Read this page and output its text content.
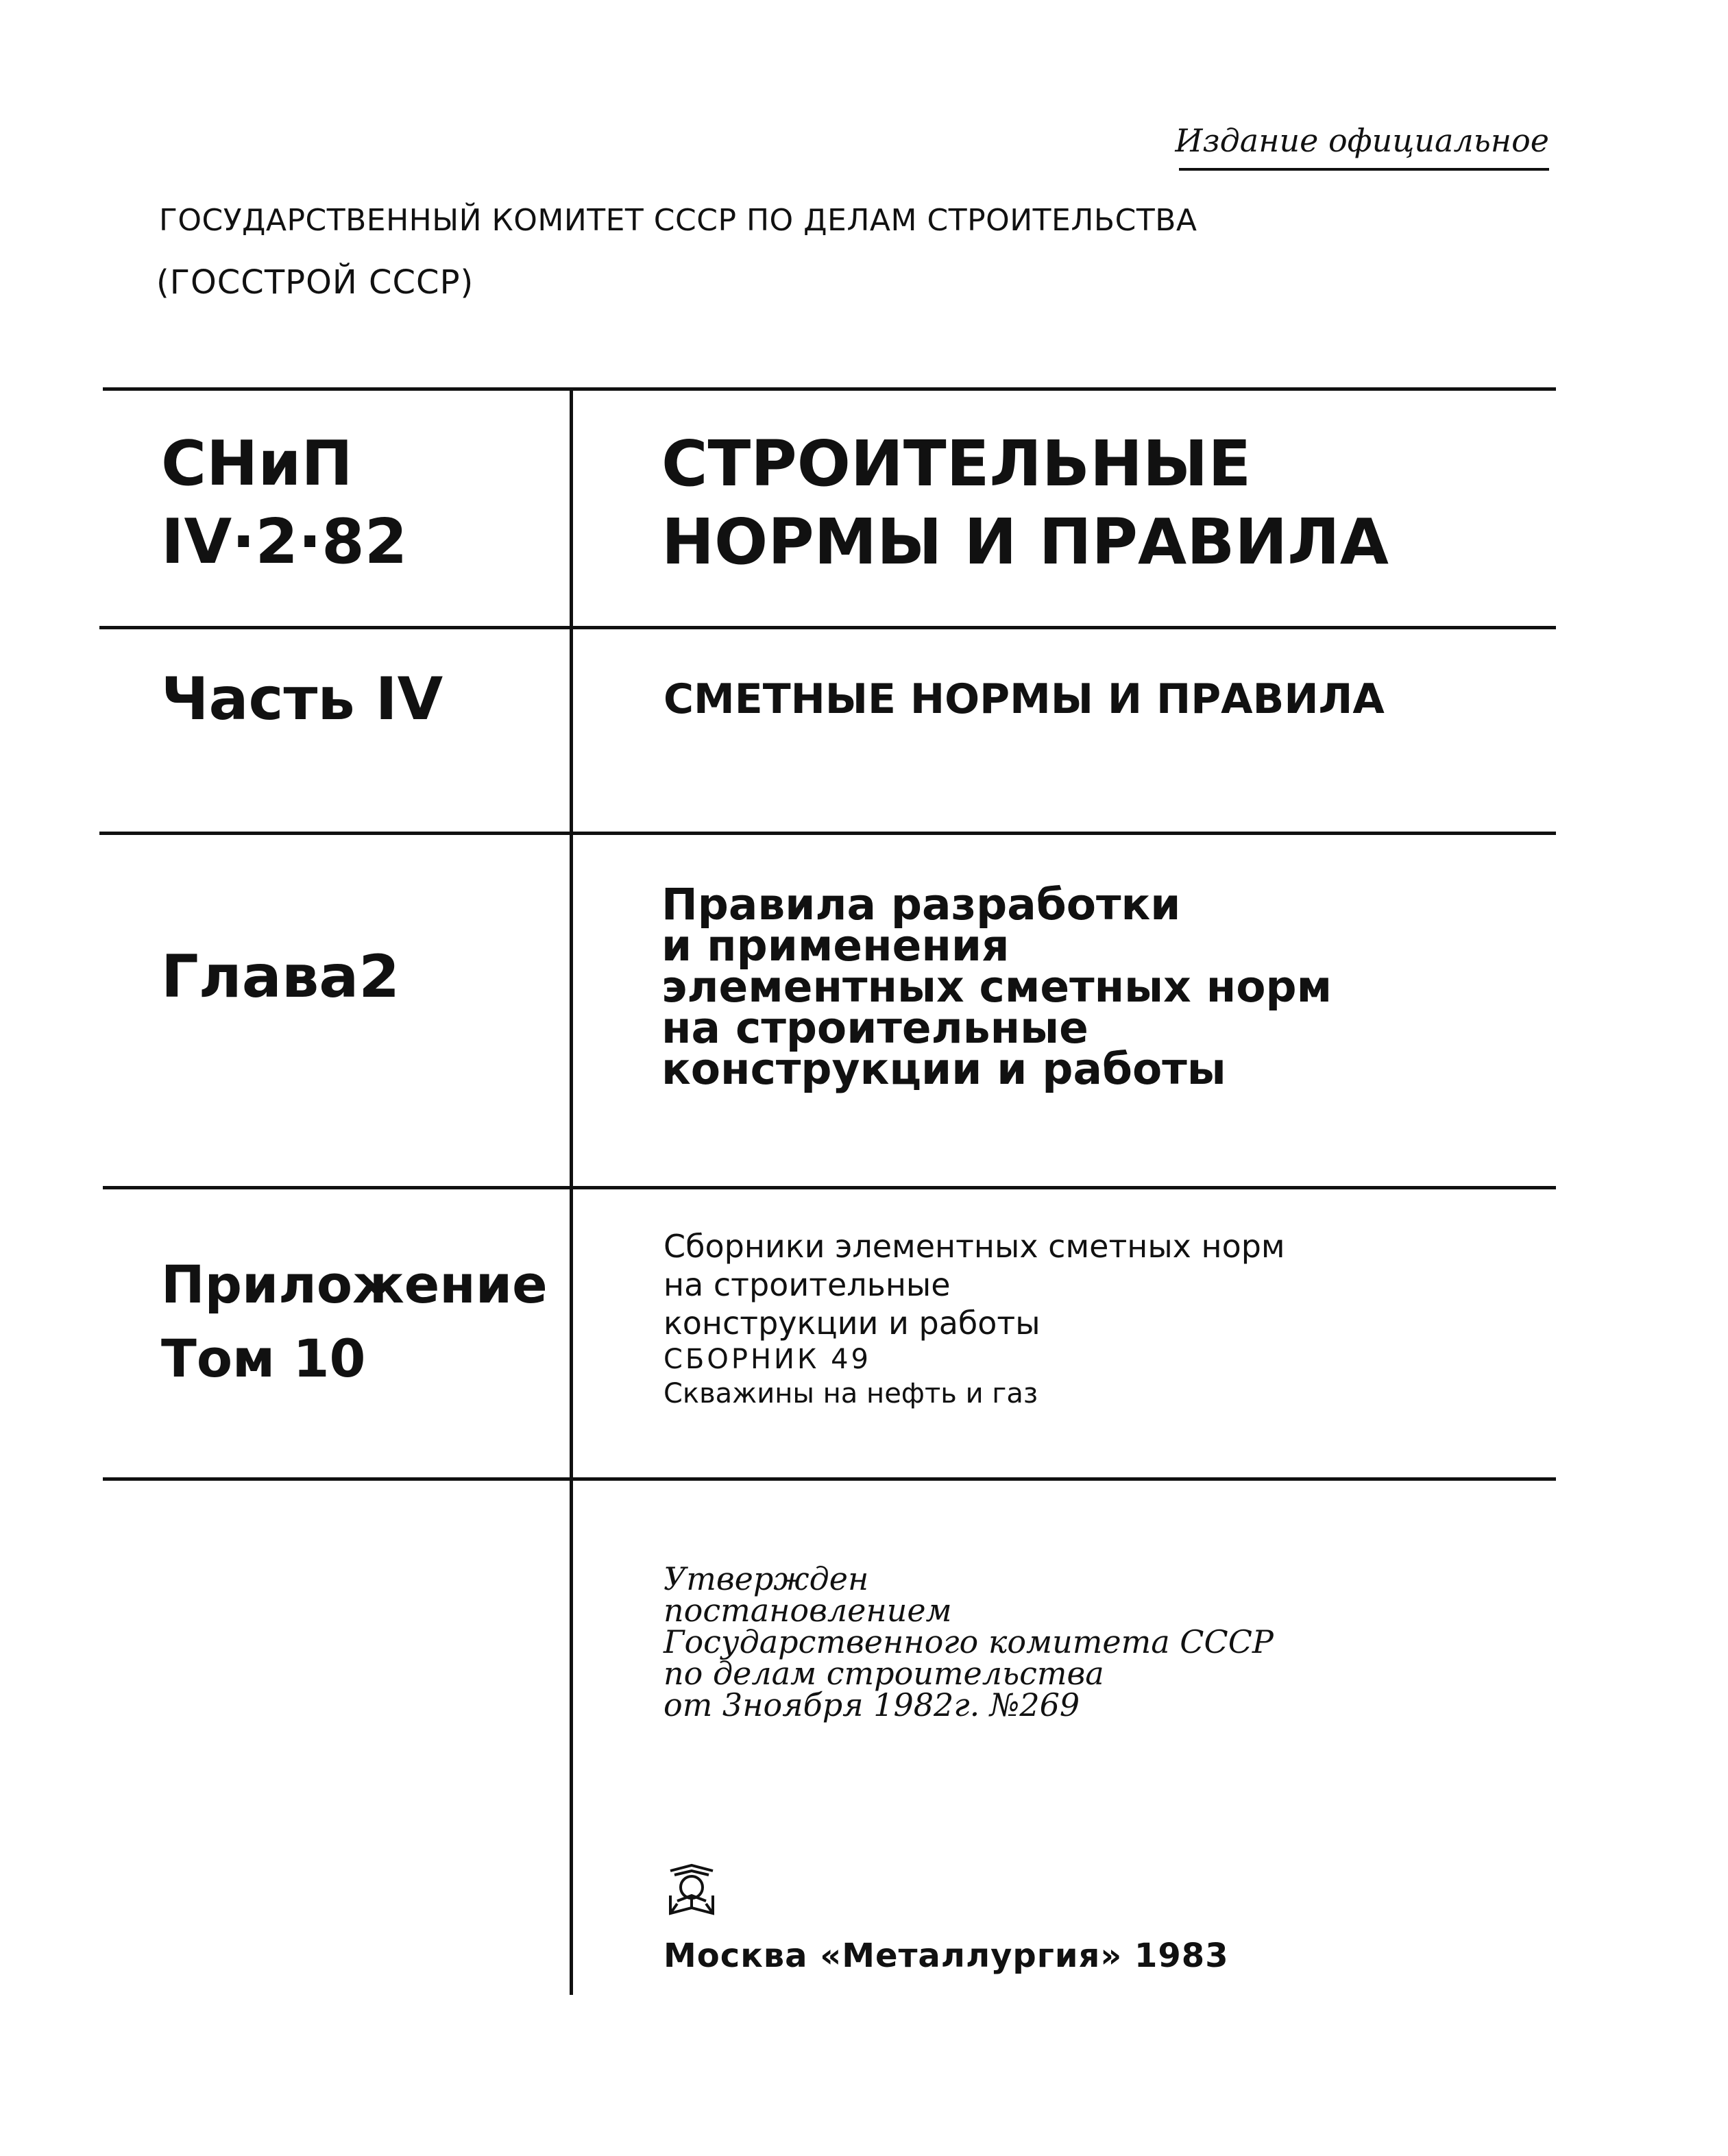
Издание официальное
ГОСУДАРСТВЕННЫЙ КОМИТЕТ СССР ПО ДЕЛАМ СТРОИТЕЛЬСТВА
(ГОССТРОЙ СССР)
СНиП
IV·2·82
Часть IV
Глава2
Приложение
Том 10
СТРОИТЕЛЬНЫЕ
НОРМЫ И ПРАВИЛА
СМЕТНЫЕ НОРМЫ И ПРАВИЛА
Правила разработки
и применения
элементных сметных норм
на строительные
конструкции и работы
Сборники элементных сметных норм
на строительные
конструкции и работы
СБОРНИК 49
Скважины на нефть и газ
Утвержден
постановлением
Государственного комитета СССР
по делам строительства
от 3ноября 1982г. №269
Москва «Металлургия» 1983
